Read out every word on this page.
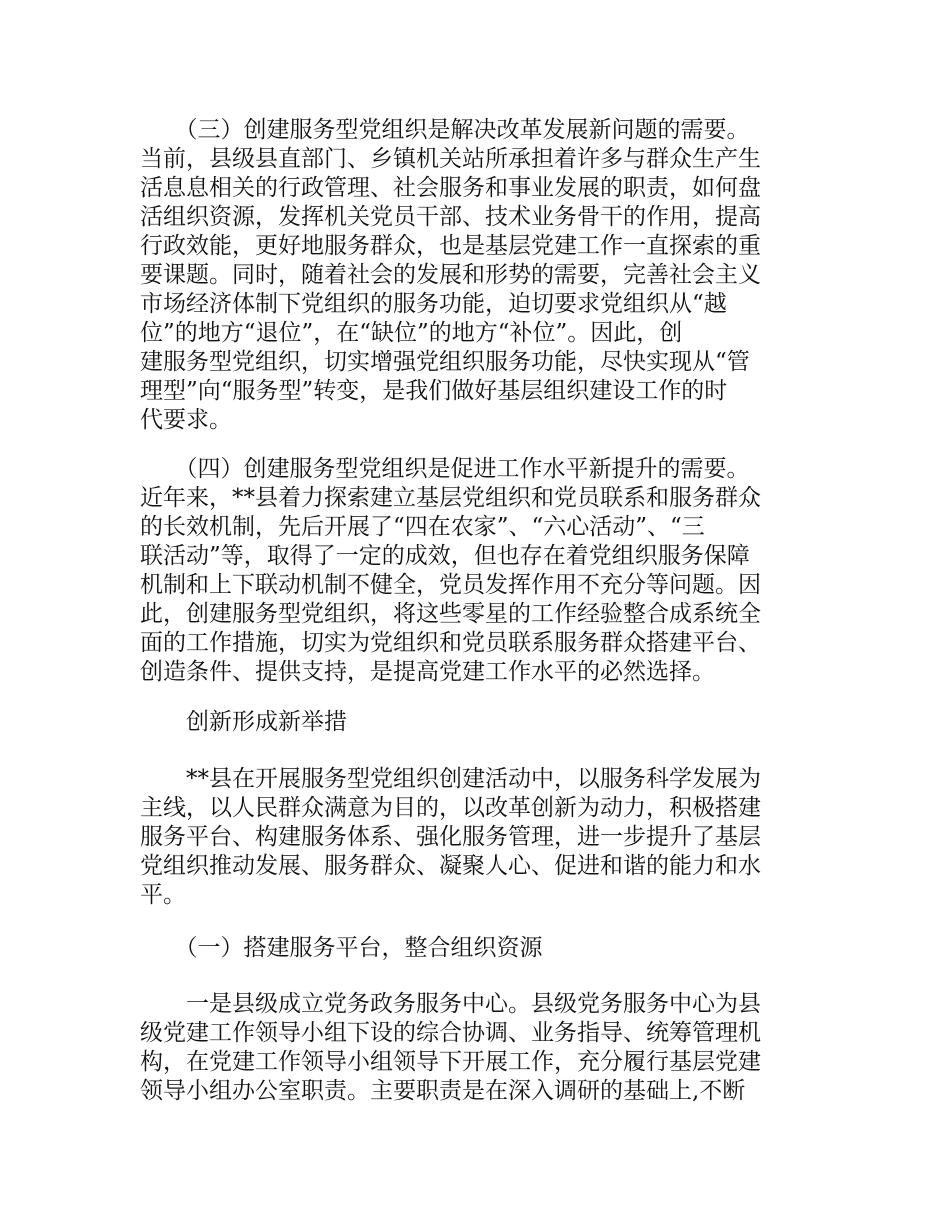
　　（三）创建服务型党组织是解决改革发展新问题的需要。
当前，县级县直部门、乡镇机关站所承担着许多与群众生产生
活息息相关的行政管理、社会服务和事业发展的职责，如何盘
活组织资源，发挥机关党员干部、技术业务骨干的作用，提高
行政效能，更好地服务群众，也是基层党建工作一直探索的重
要课题。同时，随着社会的发展和形势的需要，完善社会主义
市场经济体制下党组织的服务功能，迫切要求党组织从“越
位”的地方“退位”，在“缺位”的地方“补位”。因此，创
建服务型党组织，切实增强党组织服务功能，尽快实现从“管
理型”向“服务型”转变，是我们做好基层组织建设工作的时
代要求。
　　（四）创建服务型党组织是促进工作水平新提升的需要。
近年来，**县着力探索建立基层党组织和党员联系和服务群众
的长效机制，先后开展了“四在农家”、“六心活动”、“三
联活动”等，取得了一定的成效，但也存在着党组织服务保障
机制和上下联动机制不健全，党员发挥作用不充分等问题。因
此，创建服务型党组织，将这些零星的工作经验整合成系统全
面的工作措施，切实为党组织和党员联系服务群众搭建平台、
创造条件、提供支持，是提高党建工作水平的必然选择。
　　创新形成新举措
　　**县在开展服务型党组织创建活动中，以服务科学发展为
主线，以人民群众满意为目的，以改革创新为动力，积极搭建
服务平台、构建服务体系、强化服务管理，进一步提升了基层
党组织推动发展、服务群众、凝聚人心、促进和谐的能力和水
平。
　　（一）搭建服务平台，整合组织资源
　　一是县级成立党务政务服务中心。县级党务服务中心为县
级党建工作领导小组下设的综合协调、业务指导、统筹管理机
构，在党建工作领导小组领导下开展工作，充分履行基层党建
领导小组办公室职责。主要职责是在深入调研的基础上,不断
